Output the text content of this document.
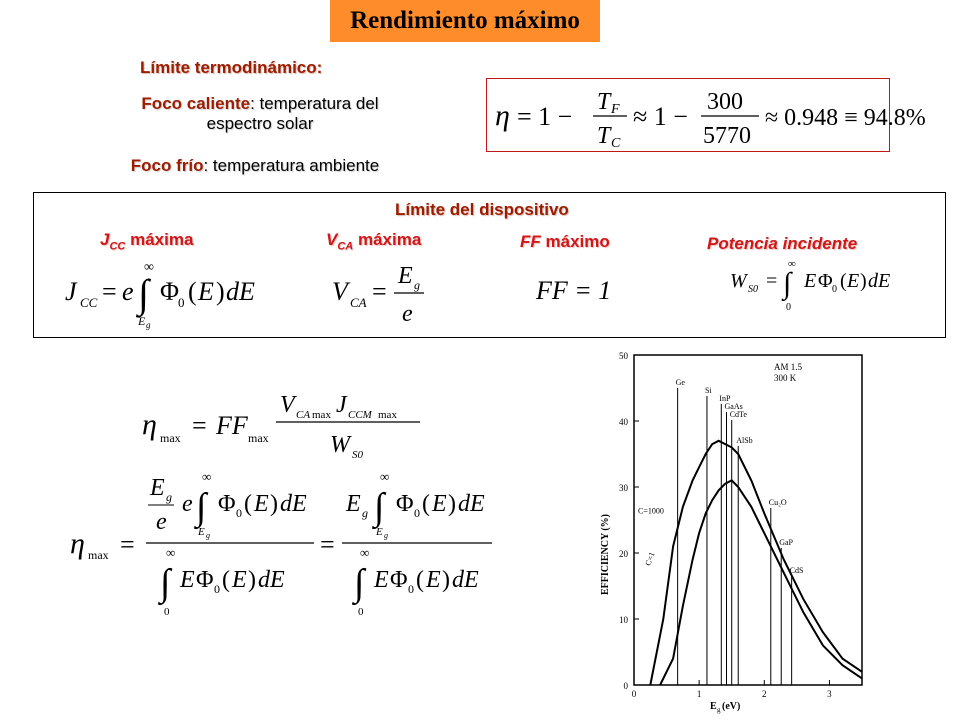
Rendimiento máximo
Límite termodinámico:
Foco caliente: temperatura del
espectro solar
Foco frío: temperatura ambiente
η = 1 − T F
T C
≈ 1 − 300
5770
≈ 0.948 ≡ 94.8%
Límite del dispositivo
$J_{CC}$ máxima	$V_{CA}$ máxima	FF máximo	Potencia incidente
J CC = e
∞
∫
E g
Φ
0 ( E ) dE	V CA =
E g
e
FF = 1	W S0 =
∞
∫
0
E Φ 0 ( E ) dE
η max = FF max
V CA max J CCM max
W S0
η max =
E g
e
e
∞
∫
E g
Φ 0 ( E ) dE
∞
∫
0
E Φ 0 ( E ) dE
=
E g
∞
∫
E g
Φ 0 ( E ) dE
∞
∫
0
E Φ 0 ( E ) dE	EFFICIENCY (%)
AM 1.5
300 K
E g (eV)
0
10
20
30
40
50
0	1	2	3
Ge
Si
InP
GaAs
CdTe
AlSb
Cu₂O
GaP
CdS
C=1000
C=1
